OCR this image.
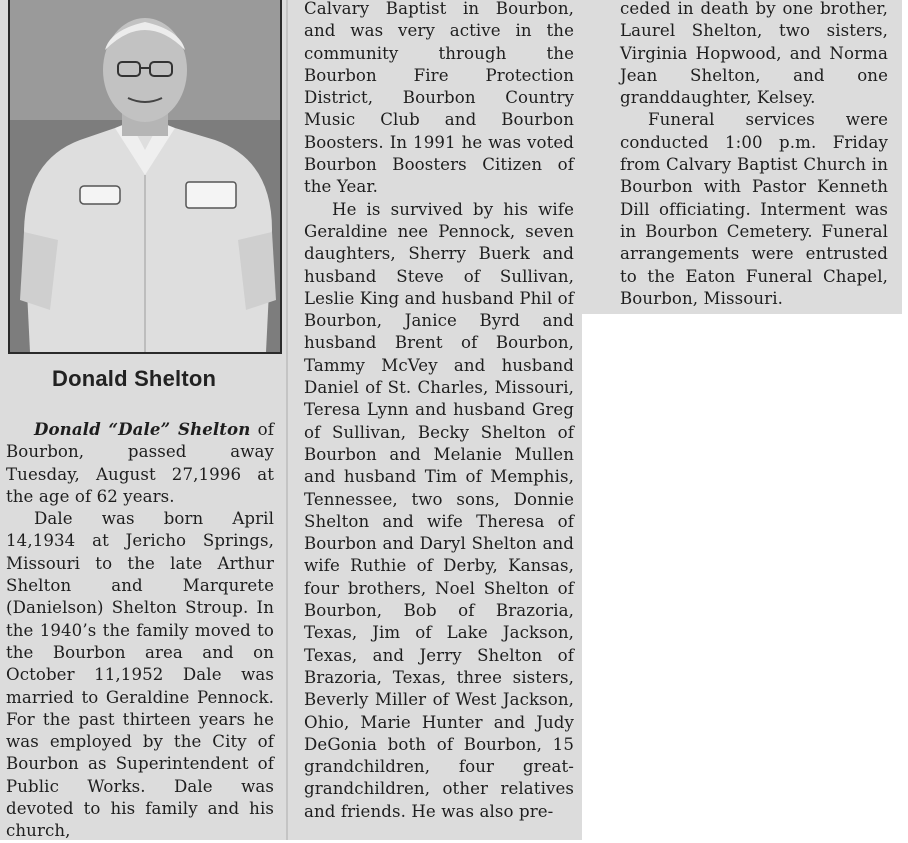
Donald Shelton

Donald “Dale” Shelton of Bourbon, passed away Tuesday, August 27,1996 at the age of 62 years.

Dale was born April 14,1934 at Jericho Springs, Missouri to the late Arthur Shelton and Marqurete (Danielson) Shelton Stroup. In the 1940’s the family moved to the Bourbon area and on October 11,1952 Dale was married to Geraldine Pennock. For the past thirteen years he was employed by the City of Bourbon as Superintendent of Public Works. Dale was devoted to his family and his church,

Calvary Baptist in Bourbon, and was very active in the community through the Bourbon Fire Protection District, Bourbon Country Music Club and Bourbon Boosters. In 1991 he was voted Bourbon Boosters Citizen of the Year.

He is survived by his wife Geraldine nee Pennock, seven daughters, Sherry Buerk and husband Steve of Sullivan, Leslie King and husband Phil of Bourbon, Janice Byrd and husband Brent of Bourbon, Tammy McVey and husband Daniel of St. Charles, Missouri, Teresa Lynn and husband Greg of Sullivan, Becky Shelton of Bourbon and Melanie Mullen and husband Tim of Memphis, Tennessee, two sons, Donnie Shelton and wife Theresa of Bourbon and Daryl Shelton and wife Ruthie of Derby, Kansas, four brothers, Noel Shelton of Bourbon, Bob of Brazoria, Texas, Jim of Lake Jackson, Texas, and Jerry Shelton of Brazoria, Texas, three sisters, Beverly Miller of West Jackson, Ohio, Marie Hunter and Judy DeGonia both of Bourbon, 15 grandchildren, four great-grandchildren, other relatives and friends. He was also pre-

ceded in death by one brother, Laurel Shelton, two sisters, Virginia Hopwood, and Norma Jean Shelton, and one granddaughter, Kelsey.

Funeral services were conducted 1:00 p.m. Friday from Calvary Baptist Church in Bourbon with Pastor Kenneth Dill officiating. Interment was in Bourbon Cemetery. Funeral arrangements were entrusted to the Eaton Funeral Chapel, Bourbon, Missouri.
